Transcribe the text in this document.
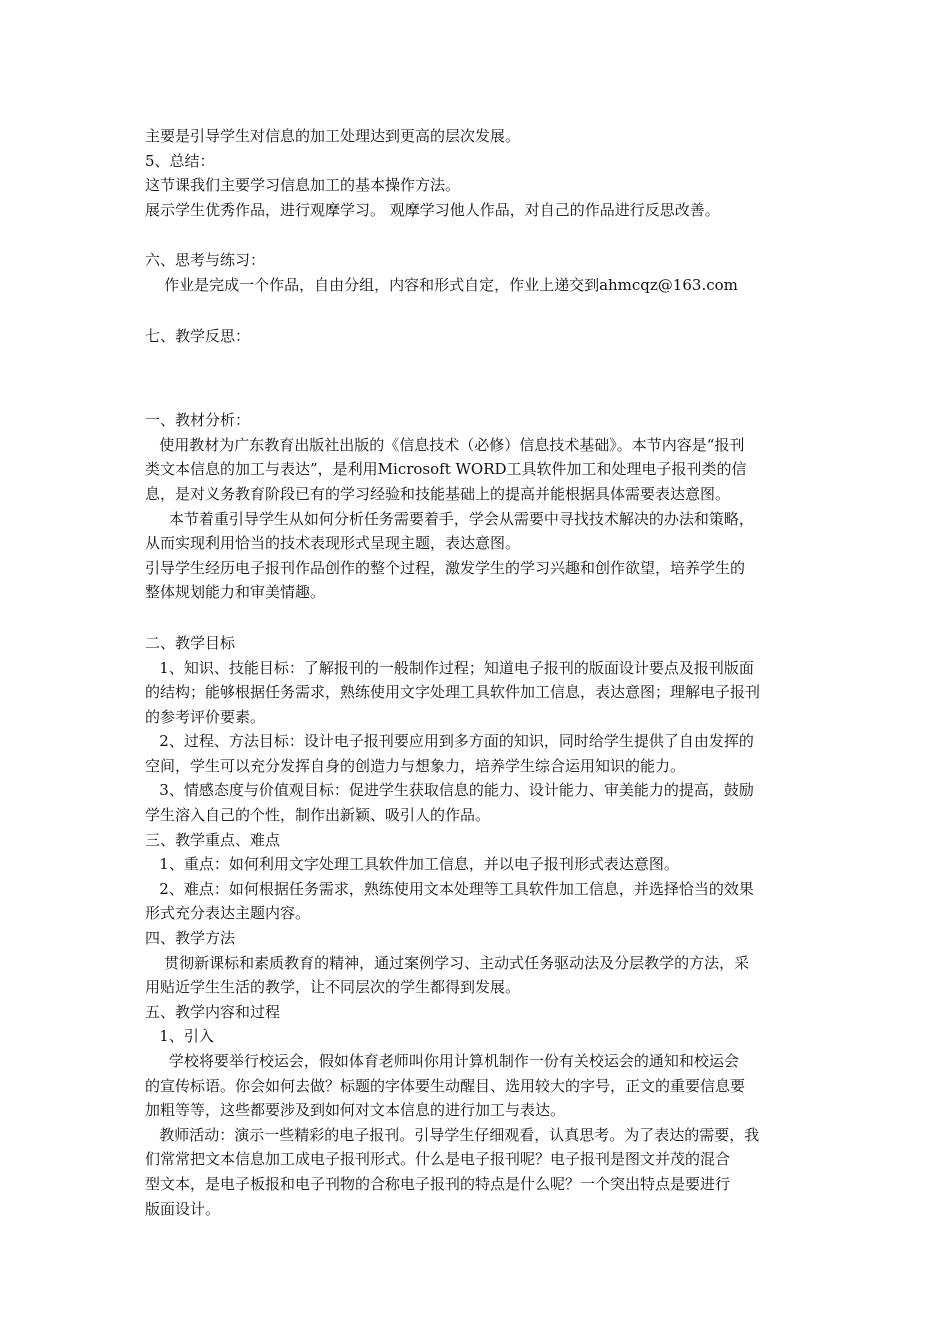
主要是引导学生对信息的加工处理达到更高的层次发展。
5、总结：
这节课我们主要学习信息加工的基本操作方法。
展示学生优秀作品，进行观摩学习。 观摩学习他人作品，对自己的作品进行反思改善。
六、思考与练习：
作业是完成一个作品，自由分组，内容和形式自定，作业上递交到ahmcqz@163.com
七、教学反思：
一、教材分析：
使用教材为广东教育出版社出版的《信息技术（必修）信息技术基础》。本节内容是“报刊
类文本信息的加工与表达”，是利用Microsoft WORD工具软件加工和处理电子报刊类的信
息，是对义务教育阶段已有的学习经验和技能基础上的提高并能根据具体需要表达意图。
本节着重引导学生从如何分析任务需要着手，学会从需要中寻找技术解决的办法和策略，
从而实现利用恰当的技术表现形式呈现主题，表达意图。
引导学生经历电子报刊作品创作的整个过程，激发学生的学习兴趣和创作欲望，培养学生的
整体规划能力和审美情趣。
二、教学目标
1、知识、技能目标：了解报刊的一般制作过程；知道电子报刊的版面设计要点及报刊版面
的结构；能够根据任务需求，熟练使用文字处理工具软件加工信息，表达意图；理解电子报刊
的参考评价要素。
2、过程、方法目标：设计电子报刊要应用到多方面的知识，同时给学生提供了自由发挥的
空间，学生可以充分发挥自身的创造力与想象力，培养学生综合运用知识的能力。
3、情感态度与价值观目标：促进学生获取信息的能力、设计能力、审美能力的提高，鼓励
学生溶入自己的个性，制作出新颖、吸引人的作品。
三、教学重点、难点
1、重点：如何利用文字处理工具软件加工信息，并以电子报刊形式表达意图。
2、难点：如何根据任务需求，熟练使用文本处理等工具软件加工信息，并选择恰当的效果
形式充分表达主题内容。
四、教学方法
贯彻新课标和素质教育的精神，通过案例学习、主动式任务驱动法及分层教学的方法，采
用贴近学生生活的教学，让不同层次的学生都得到发展。
五、教学内容和过程
1、引入
学校将要举行校运会，假如体育老师叫你用计算机制作一份有关校运会的通知和校运会
的宣传标语。你会如何去做？标题的字体要生动醒目、选用较大的字号，正文的重要信息要
加粗等等，这些都要涉及到如何对文本信息的进行加工与表达。
教师活动：演示一些精彩的电子报刊。引导学生仔细观看，认真思考。为了表达的需要，我
们常常把文本信息加工成电子报刊形式。什么是电子报刊呢？电子报刊是图文并茂的混合
型文本，是电子板报和电子刊物的合称电子报刊的特点是什么呢？一个突出特点是要进行
版面设计。
